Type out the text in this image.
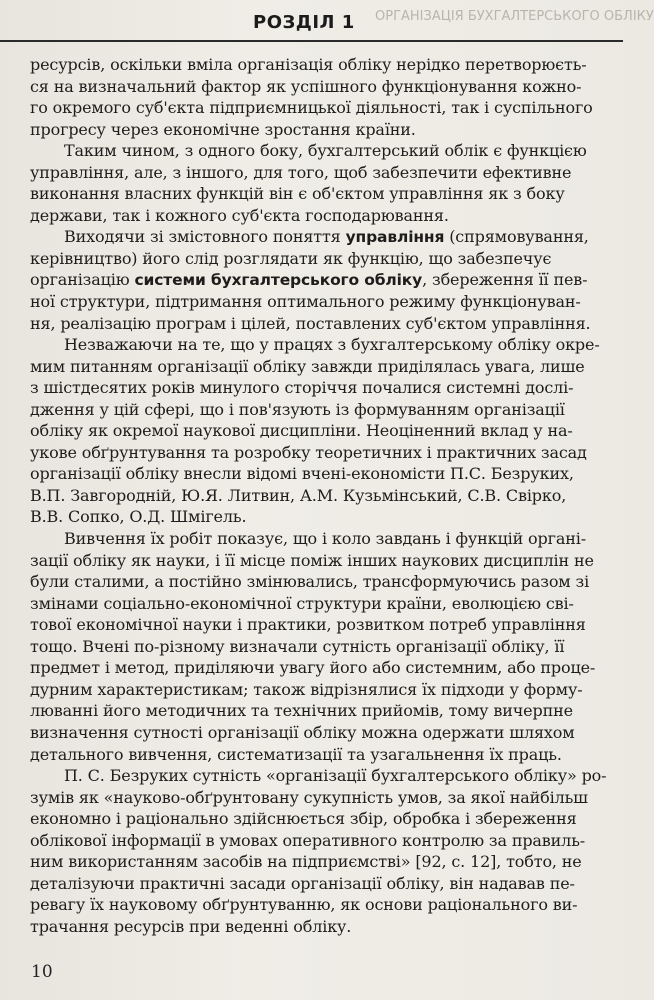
ОРГАНІЗАЦІЯ БУХГАЛТЕРСЬКОГО ОБЛІКУ
РОЗДІЛ 1
ресурсів, оскільки вміла організація обліку нерідко перетворюєть-
ся на визначальний фактор як успішного функціонування кожно-
го окремого суб'єкта підприємницької діяльності, так і суспільного
прогресу через економічне зростання країни.
Таким чином, з одного боку, бухгалтерський облік є функцією
управління, але, з іншого, для того, щоб забезпечити ефективне
виконання власних функцій він є об'єктом управління як з боку
держави, так і кожного суб'єкта господарювання.
Виходячи зі змістовного поняття управління (спрямовування,
керівництво) його слід розглядати як функцію, що забезпечує
організацію системи бухгалтерського обліку, збереження її пев-
ної структури, підтримання оптимального режиму функціонуван-
ня, реалізацію програм і цілей, поставлених суб'єктом управління.
Незважаючи на те, що у працях з бухгалтерському обліку окре-
мим питанням організації обліку завжди приділялась увага, лише
з шістдесятих років минулого сторіччя почалися системні дослі-
дження у цій сфері, що і пов'язують із формуванням організації
обліку як окремої наукової дисципліни. Неоціненний вклад у на-
укове обґрунтування та розробку теоретичних і практичних засад
організації обліку внесли відомі вчені-економісти П.С. Безруких,
В.П. Завгородній, Ю.Я. Литвин, А.М. Кузьмінський, С.В. Свірко,
В.В. Сопко, О.Д. Шмігель.
Вивчення їх робіт показує, що і коло завдань і функцій органі-
зації обліку як науки, і її місце поміж інших наукових дисциплін не
були сталими, а постійно змінювались, трансформуючись разом зі
змінами соціально-економічної структури країни, еволюцією сві-
тової економічної науки і практики, розвитком потреб управління
тощо. Вчені по-різному визначали сутність організації обліку, її
предмет і метод, приділяючи увагу його або системним, або проце-
дурним характеристикам; також відрізнялися їх підходи у форму-
люванні його методичних та технічних прийомів, тому вичерпне
визначення сутності організації обліку можна одержати шляхом
детального вивчення, систематизації та узагальнення їх праць.
П. С. Безруких сутність «організації бухгалтерського обліку» ро-
зумів як «науково-обґрунтовану сукупність умов, за якої найбільш
економно і раціонально здійснюється збір, обробка і збереження
облікової інформації в умовах оперативного контролю за правиль-
ним використанням засобів на підприємстві» [92, с. 12], тобто, не
деталізуючи практичні засади організації обліку, він надавав пе-
ревагу їх науковому обґрунтуванню, як основи раціонального ви-
трачання ресурсів при веденні обліку.
10
